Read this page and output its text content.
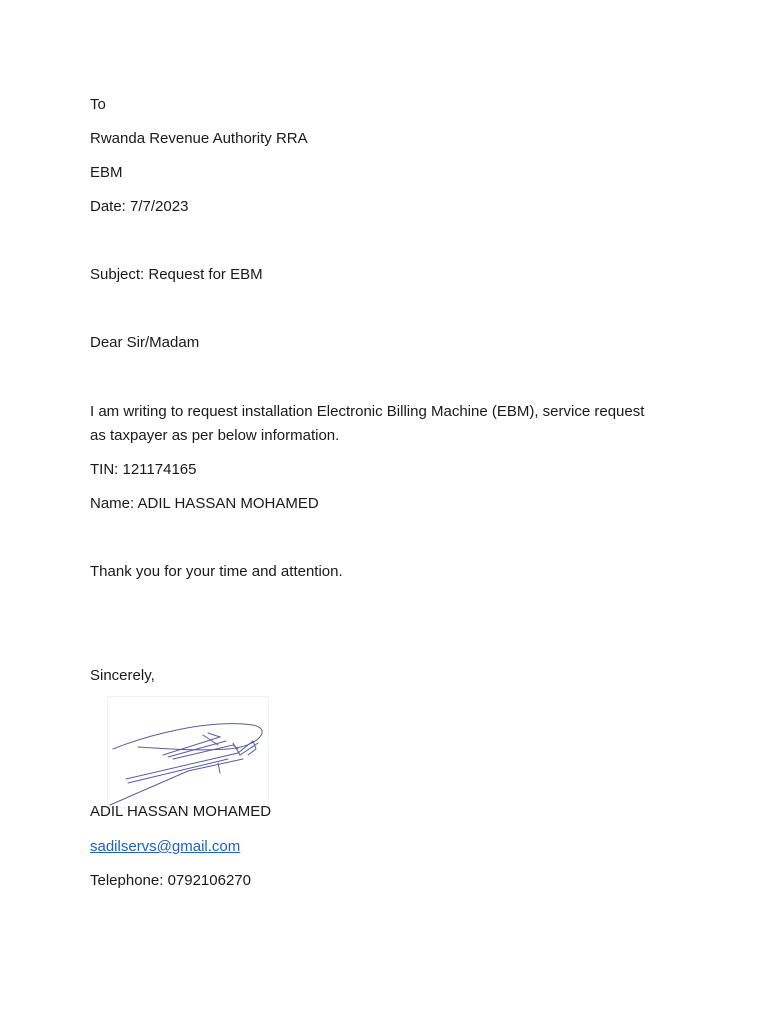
To
Rwanda Revenue Authority RRA
EBM
Date: 7/7/2023
Subject: Request for EBM
Dear Sir/Madam
I am writing to request installation Electronic Billing Machine (EBM), service request as taxpayer as per below information.
TIN: 121174165
Name: ADIL HASSAN MOHAMED
Thank you for your time and attention.
Sincerely,
ADIL HASSAN MOHAMED
sadilservs@gmail.com
Telephone: 0792106270
